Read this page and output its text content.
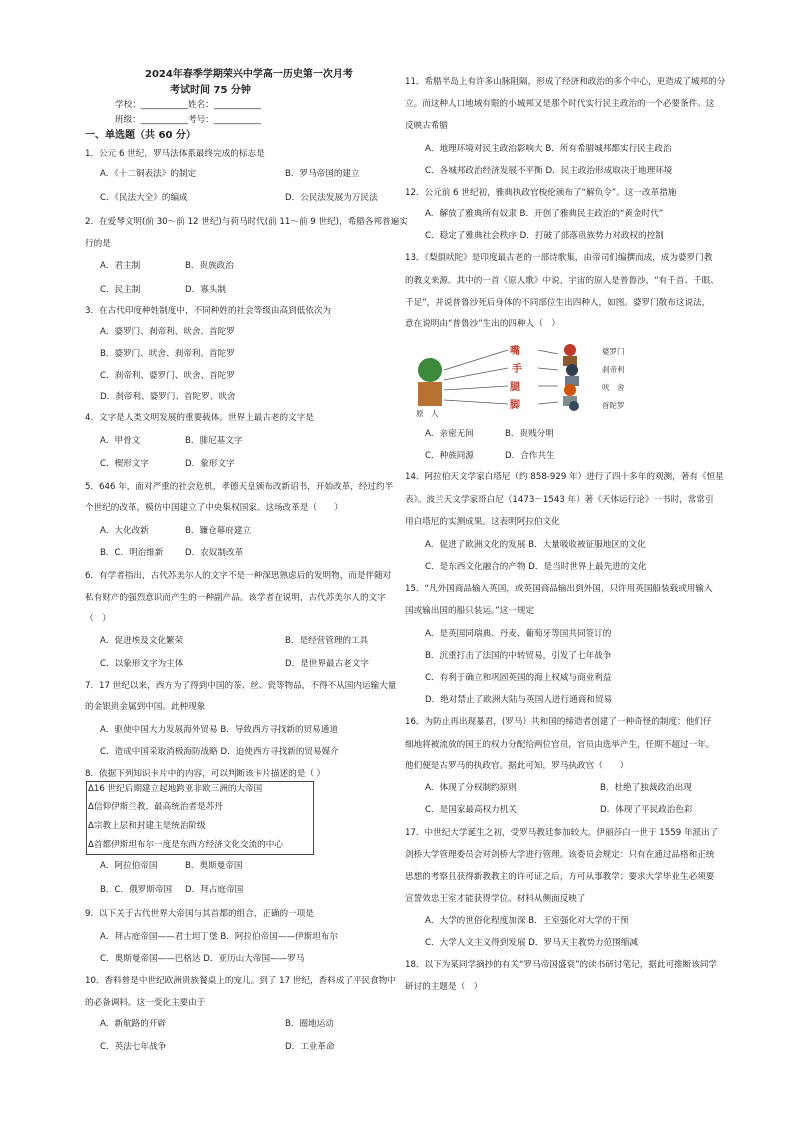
2024年春季学期荣兴中学高一历史第一次月考
考试时间 75 分钟
学校：___________姓名：___________
班级：___________考号：___________
一、单选题（共 60 分）
1．公元 6 世纪，罗马法体系最终完成的标志是
A．《十二铜表法》的制定	B．罗马帝国的建立
C．《民法大全》的编成	D．公民法发展为万民法
2．在爱琴文明(前 30～前 12 世纪)与荷马时代(前 11～前 9 世纪)，希腊各邦普遍实
行的是
A．君主制	B．贵族政治
C．民主制	D．寡头制
3．在古代印度种姓制度中，不同种姓的社会等级由高到低依次为
A．婆罗门、刹帝利、吠舍、首陀罗
B．婆罗门、吠舍、刹帝利、首陀罗
C．刹帝利、婆罗门、吠舍、首陀罗
D．刹帝利、婆罗门、首陀罗、吠舍
4．文字是人类文明发展的重要载体。世界上最古老的文字是
A．甲骨文	B．腓尼基文字
C．楔形文字	D．象形文字
5．646 年，面对严重的社会危机，孝德天皇颁布改新诏书，开始改革，经过约半
个世纪的改革，模仿中国建立了中央集权国家。这场改革是（　　）
A．大化改新	B．镰仓幕府建立
B．C．明治维新	D．农奴制改革
6．有学者指出，古代苏美尔人的文字不是一种深思熟虑后的发明物，而是伴随对
私有财产的强烈意识而产生的一种副产品。该学者在说明，古代苏美尔人的文字
（　）
A．促进埃及文化繁荣	B．是经营管理的工具
C．以象形文字为主体	D．是世界最古老文字
7．17 世纪以来，西方为了得到中国的茶、丝、瓷等物品，不得不从国内运输大量
的金银贵金属到中国。此种现象
A．驱使中国大力发展海外贸易 B．导致西方寻找新的贸易通道
C．造成中国采取消极海防战略 D．迫使西方寻找新的贸易媒介
8．依据下列知识卡片中的内容，可以判断该卡片描述的是（ ）
9．以下关于古代世界大帝国与其首都的组合，正确的一项是
A．拜占庭帝国——君士坦丁堡 B．阿拉伯帝国——伊斯坦布尔
C．奥斯曼帝国——巴格达 D．亚历山大帝国——罗马
10．香料曾是中世纪欧洲贵族餐桌上的宠儿。到了 17 世纪，香料成了平民食物中
的必备调料。这一变化主要由于
A．新航路的开辟	B．圈地运动
C．英法七年战争	D．工业革命
Δ16 世纪后期建立起地跨亚非欧三洲的大帝国
Δ信仰伊斯兰教，最高统治者是苏丹
Δ宗教上层和封建主是统治阶级
Δ首都伊斯坦布尔一度是东西方经济文化交流的中心
A．阿拉伯帝国	B．奥斯曼帝国
B．C．俄罗斯帝国 D．拜占庭帝国
11．希腊半岛上有许多山脉阻隔，形成了经济和政治的多个中心，更造成了城邦的分
立。而这种人口地域有限的小城邦又是那个时代实行民主政治的一个必要条件。这
反映古希腊
A．地理环境对民主政治影响大 B．所有希腊城邦都实行民主政治
C．各城邦政治经济发展不平衡 D．民主政治形成取决于地理环境
12．公元前 6 世纪初，雅典执政官梭伦颁布了“解负令”。这一改革措施
A．解放了雅典所有奴隶 B．开创了雅典民主政治的“黄金时代”
C．稳定了雅典社会秩序 D．打破了部落贵族势力对政权的控制
13．《梨俱吠陀》是印度最古老的一部诗歌集，由帝司们编撰而成，成为婆罗门教
的教义来源。其中的一首《原人歌》中说，宇宙的原人是普鲁沙，“有千首、千眼、
千足”，并说普鲁沙死后身体的不同部位生出四种人，如图。婆罗门散布这说法，
意在说明由“普鲁沙”生出的四种人（　）
A．亲密无间	B．贵贱分明
C．种族同源	D．合作共生
14．阿拉伯天文学家白塔尼（约 858-929 年）进行了四十多年的观测，著有《恒星
表》。波兰天文学家哥白尼（1473－1543 年）著《天体运行论》一书时，常常引
用白塔尼的实测成果。这表明阿拉伯文化
A．促进了欧洲文化的发展 B．大量吸收被征服地区的文化
C．是东西文化融合的产物 D．是当时世界上最先进的文化
15．“凡外国商品输入英国，或英国商品输出到外国，只许用英国船装载或用输入
国或输出国的船只装运。”这一规定
A．是英国同瑞典、丹麦、葡萄牙等国共同签订的
B．沉重打击了法国的中转贸易，引发了七年战争
C．有利于确立和巩固英国的海上权威与商业利益
D．绝对禁止了欧洲大陆与英国人进行通商和贸易
16．为防止再出现暴君，(罗马）共和国的缔造者创建了一种奇怪的制度：他们仔
细地将被流放的国王的权力分配给两位官员，官员由选举产生，任期不超过一年。
他们便是古罗马的执政官。据此可知，罗马执政官（　　）
A．体现了分权制约原则	B．杜绝了独裁政治出现
C．是国家最高权力机关	D．体现了平民政治色彩
17．中世纪大学诞生之初，受罗马教廷参加较大。伊丽莎白一世于 1559 年派出了
剑桥大学管理委员会对剑桥大学进行管理。该委员会规定：只有在通过品格和正统
思想的考察且获得新教教主的许可证之后，方可从事教学；要求大学毕业生必须要
宣誓效忠王室才能获得学位。材料从侧面反映了
A．大学的世俗化程度加深 B．王室强化对大学的干预
C．大学人文主义得到发展 D．罗马天主教势力范围缩减
18．以下为某同学摘抄的有关“罗马帝国盛衰”的读书研讨笔记，据此可推断该同学
研讨的主题是（　）
原　人
嘴
手
腿
脚
婆罗门
刹帝利
吠　舍
首陀罗
